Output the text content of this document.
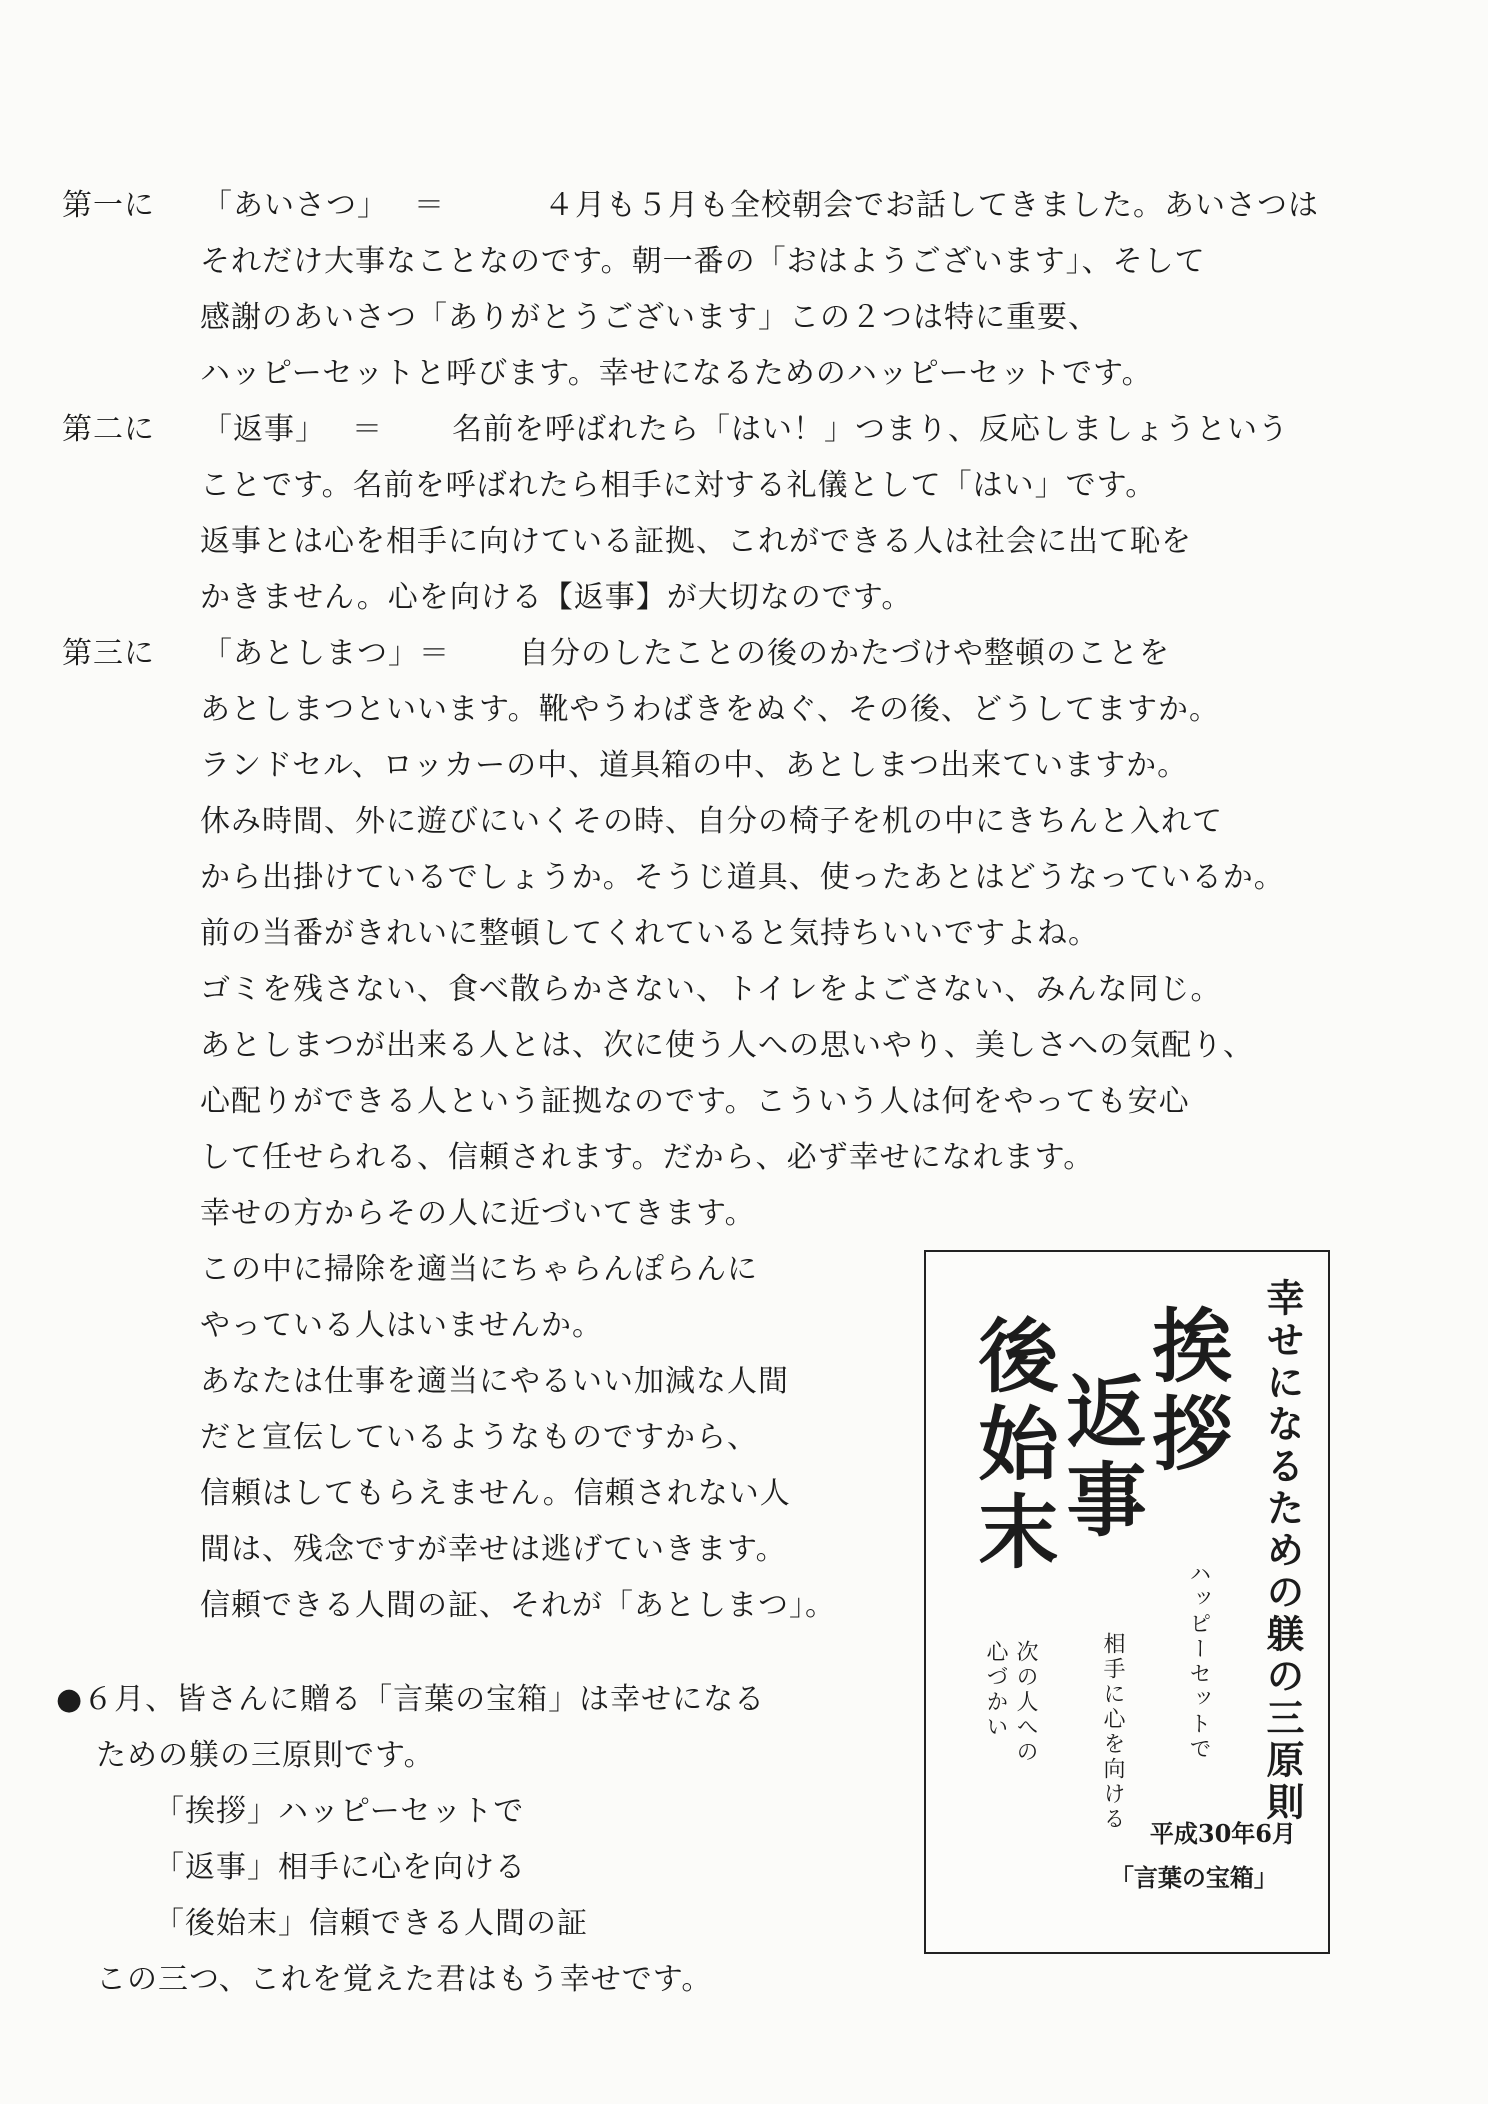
第一に 「あいさつ」 ＝	４月も５月も全校朝会でお話してきました。あいさつは
それだけ大事なことなのです。朝一番の「おはようございます」、そして
感謝のあいさつ「ありがとうございます」この２つは特に重要、
ハッピーセットと呼びます。幸せになるためのハッピーセットです。
第二に 「返事」 ＝ 名前を呼ばれたら「はい！」つまり、反応しましょうという
ことです。名前を呼ばれたら相手に対する礼儀として「はい」です。
返事とは心を相手に向けている証拠、これができる人は社会に出て恥を
かきません。心を向ける【返事】が大切なのです。
第三に 「あとしまつ」＝ 自分のしたことの後のかたづけや整頓のことを
あとしまつといいます。靴やうわばきをぬぐ、その後、どうしてますか。
ランドセル、ロッカーの中、道具箱の中、あとしまつ出来ていますか。
休み時間、外に遊びにいくその時、自分の椅子を机の中にきちんと入れて
から出掛けているでしょうか。そうじ道具、使ったあとはどうなっているか。
前の当番がきれいに整頓してくれていると気持ちいいですよね。
ゴミを残さない、食べ散らかさない、トイレをよごさない、みんな同じ。
あとしまつが出来る人とは、次に使う人への思いやり、美しさへの気配り、
心配りができる人という証拠なのです。こういう人は何をやっても安心
して任せられる、信頼されます。だから、必ず幸せになれます。
幸せの方からその人に近づいてきます。
この中に掃除を適当にちゃらんぽらんに
やっている人はいませんか。
あなたは仕事を適当にやるいい加減な人間
だと宣伝しているようなものですから、
信頼はしてもらえません。信頼されない人
間は、残念ですが幸せは逃げていきます。
信頼できる人間の証、それが「あとしまつ」。
●６月、皆さんに贈る「言葉の宝箱」は幸せになる
ための躾の三原則です。
「挨拶」ハッピーセットで
「返事」相手に心を向ける
「後始末」信頼できる人間の証
この三つ、これを覚えた君はもう幸せです。
幸せになるための躾の三原則
挨拶
ハッピーセットで
返事
相手に心を向ける
後始末
次の人への
心づかい
平成30年6月
「言葉の宝箱」
